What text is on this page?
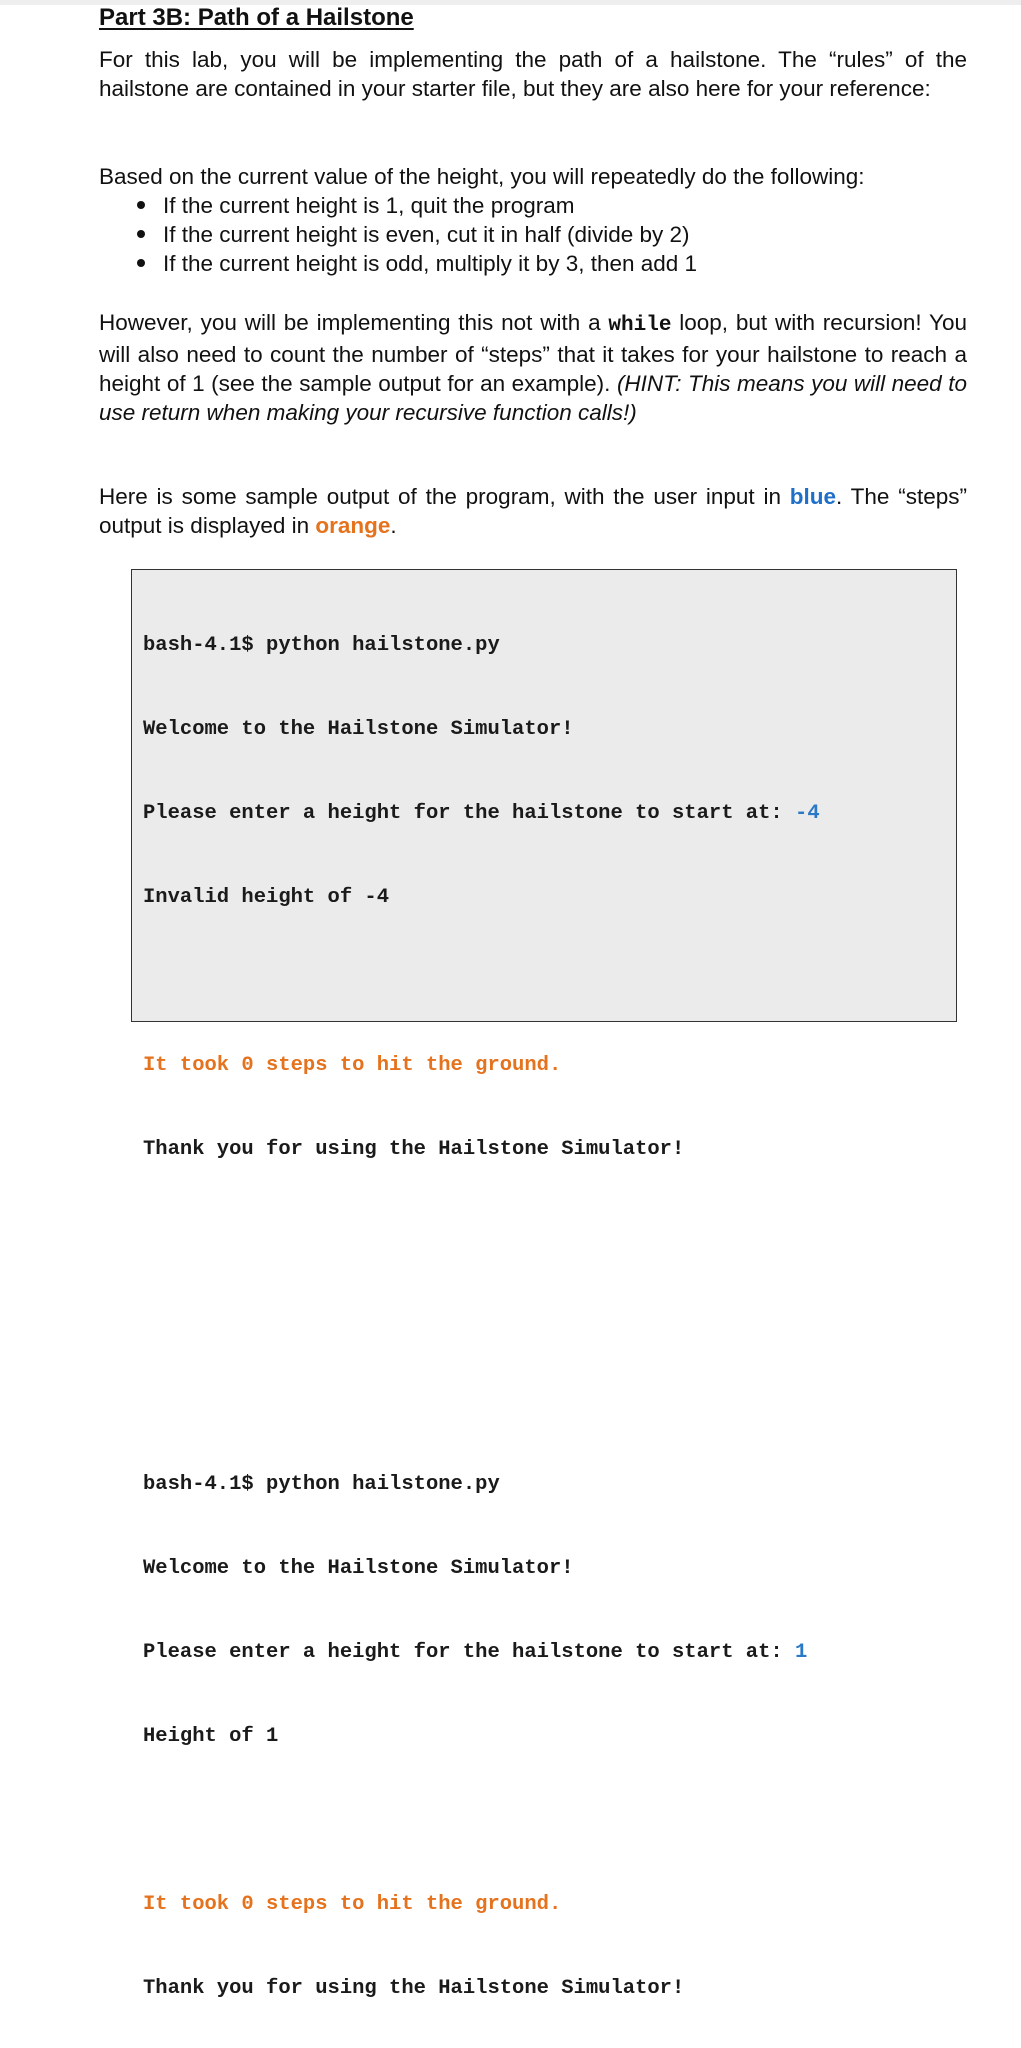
Part 3B: Path of a Hailstone

For this lab, you will be implementing the path of a hailstone. The “rules” of the hailstone are contained in your starter file, but they are also here for your reference:

Based on the current value of the height, you will repeatedly do the following:

If the current height is 1, quit the program
If the current height is even, cut it in half (divide by 2)
If the current height is odd, multiply it by 3, then add 1

However, you will be implementing this not with a while loop, but with recursion! You will also need to count the number of “steps” that it takes for your hailstone to reach a height of 1 (see the sample output for an example). (HINT: This means you will need to use return when making your recursive function calls!)

Here is some sample output of the program, with the user input in blue. The “steps” output is displayed in orange.

bash-4.1$ python hailstone.py

Welcome to the Hailstone Simulator!

Please enter a height for the hailstone to start at: -4

Invalid height of -4

It took 0 steps to hit the ground.

Thank you for using the Hailstone Simulator!

bash-4.1$ python hailstone.py

Welcome to the Hailstone Simulator!

Please enter a height for the hailstone to start at: 1

Height of 1

It took 0 steps to hit the ground.

Thank you for using the Hailstone Simulator!
